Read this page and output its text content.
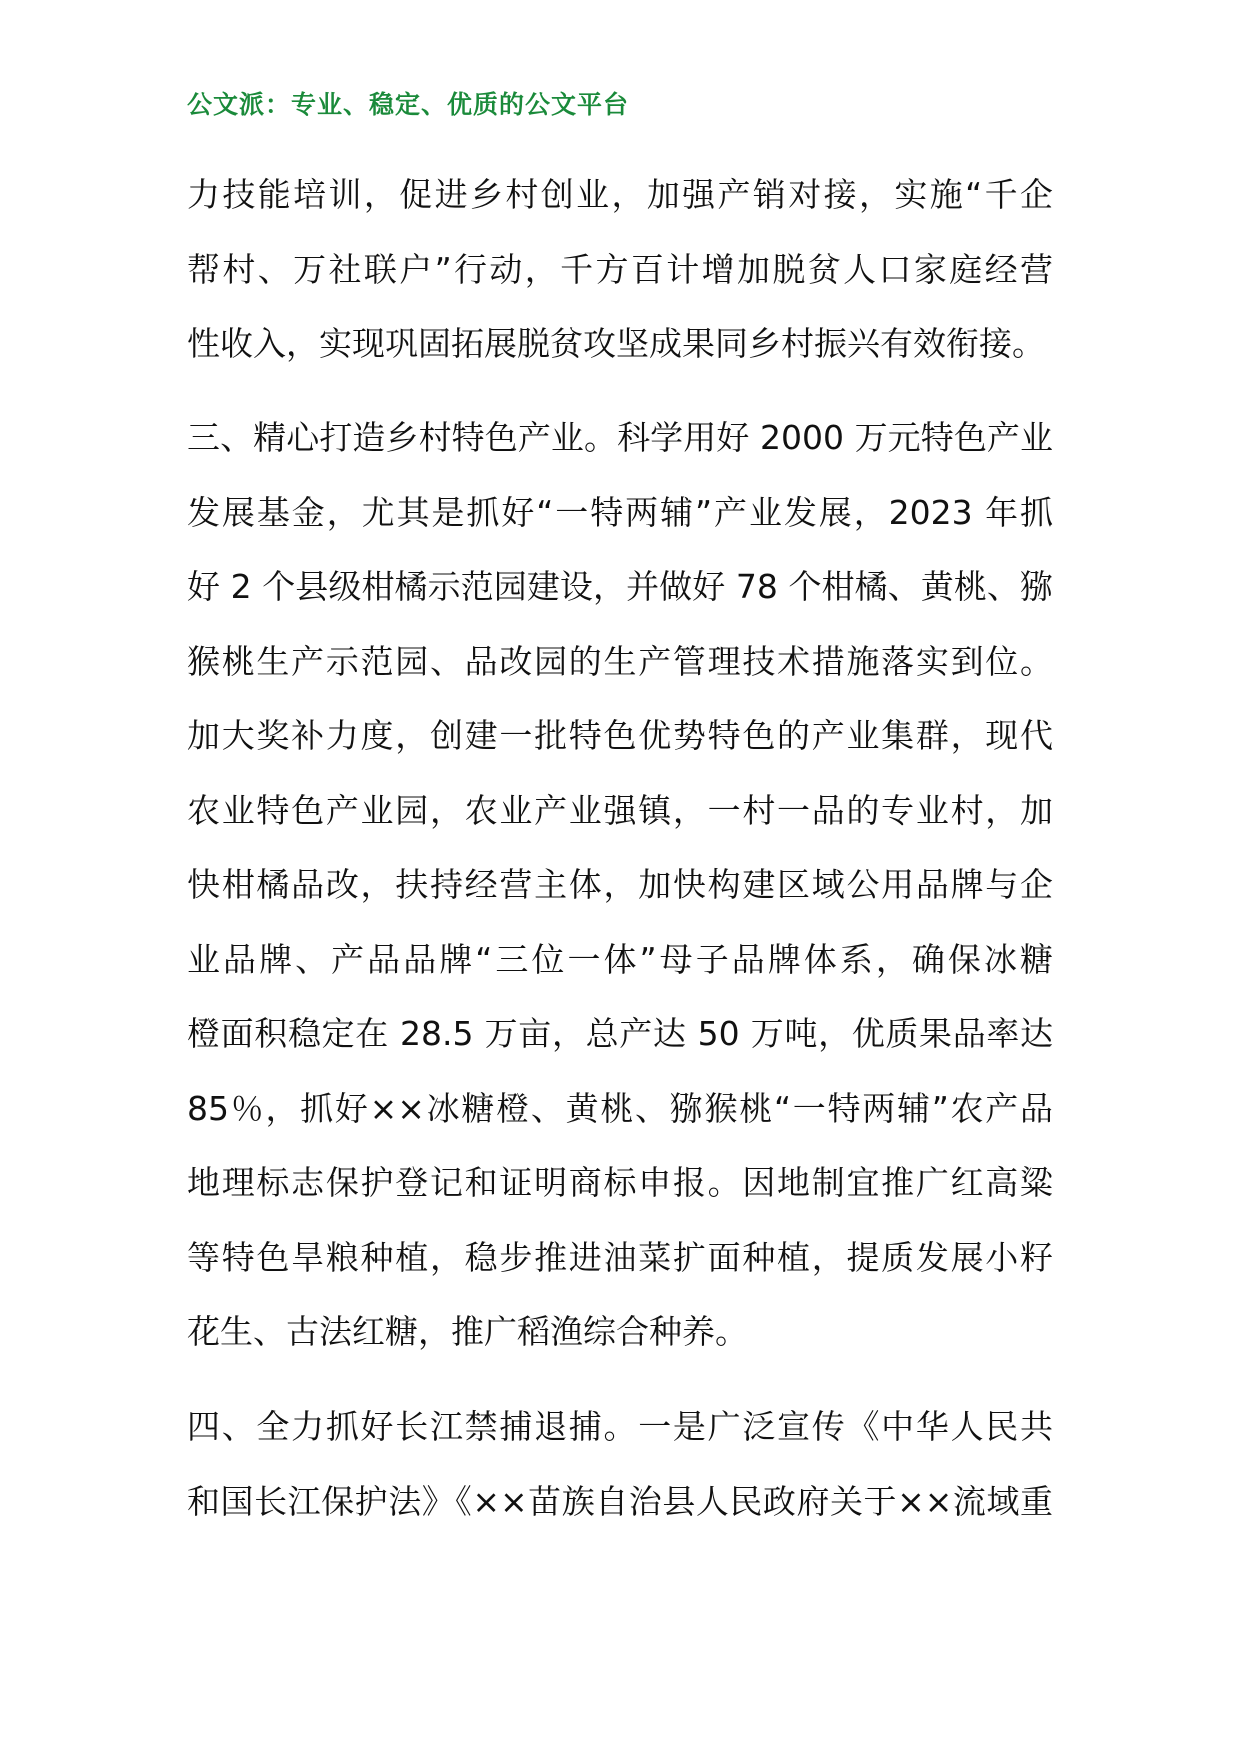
公文派：专业、稳定、优质的公文平台

力技能培训，促进乡村创业，加强产销对接，实施“千企
帮村、万社联户”行动，千方百计增加脱贫人口家庭经营
性收入，实现巩固拓展脱贫攻坚成果同乡村振兴有效衔接。
三、精心打造乡村特色产业。科学用好 2000 万元特色产业
发展基金，尤其是抓好“一特两辅”产业发展，2023 年抓
好 2 个县级柑橘示范园建设，并做好 78 个柑橘、黄桃、猕
猴桃生产示范园、品改园的生产管理技术措施落实到位。
加大奖补力度，创建一批特色优势特色的产业集群，现代
农业特色产业园，农业产业强镇，一村一品的专业村，加
快柑橘品改，扶持经营主体，加快构建区域公用品牌与企
业品牌、产品品牌“三位一体”母子品牌体系，确保冰糖
橙面积稳定在 28.5 万亩，总产达 50 万吨，优质果品率达
85％，抓好××冰糖橙、黄桃、猕猴桃“一特两辅”农产品
地理标志保护登记和证明商标申报。因地制宜推广红高粱
等特色旱粮种植，稳步推进油菜扩面种植，提质发展小籽
花生、古法红糖，推广稻渔综合种养。
四、全力抓好长江禁捕退捕。一是广泛宣传《中华人民共
和国长江保护法》《××苗族自治县人民政府关于××流域重
